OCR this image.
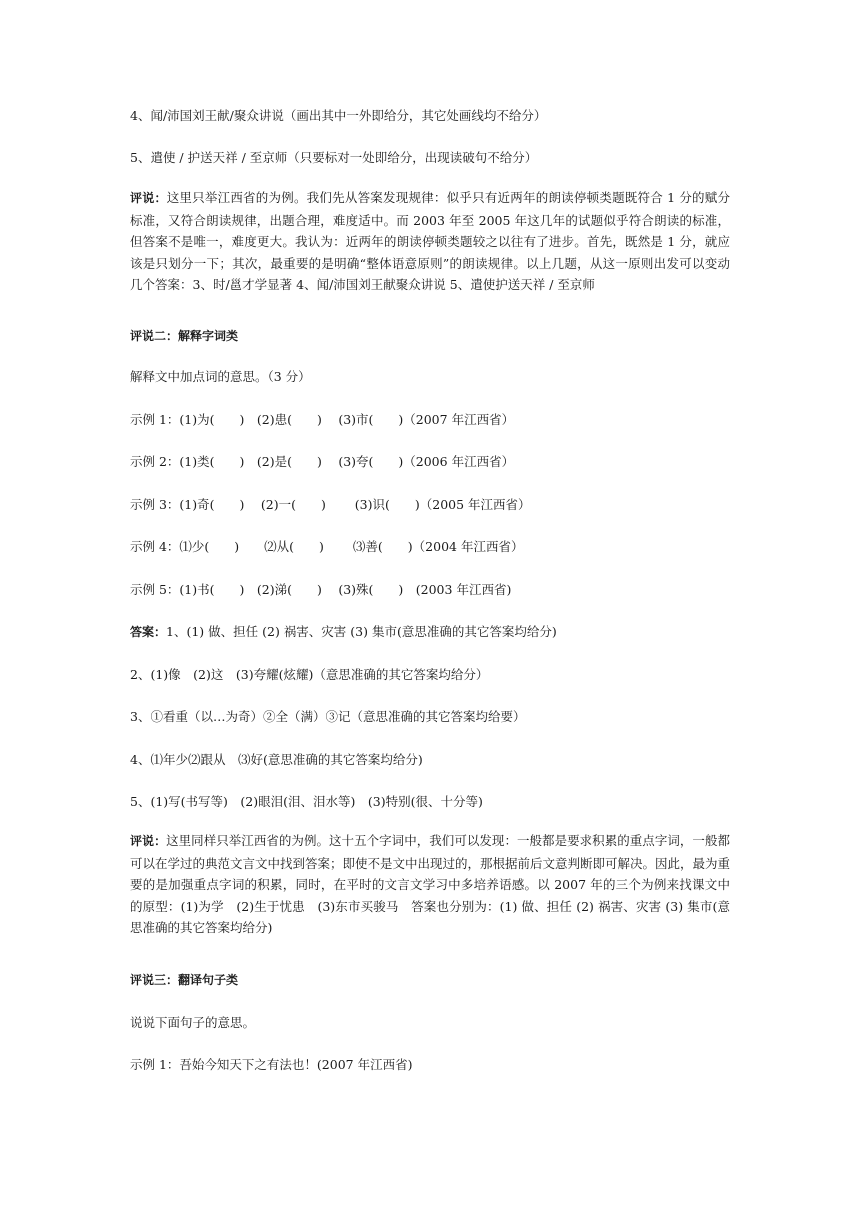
4、闻/沛国刘王献/聚众讲说（画出其中一外即给分，其它处画线均不给分）
5、遣使 / 护送天祥 / 至京师（只要标对一处即给分，出现读破句不给分）
评说：这里只举江西省的为例。我们先从答案发现规律：似乎只有近两年的朗读停顿类题既符合 1 分的赋分标准，又符合朗读规律，出题合理，难度适中。而 2003 年至 2005 年这几年的试题似乎符合朗读的标准，但答案不是唯一，难度更大。我认为：近两年的朗读停顿类题较之以往有了进步。首先，既然是 1 分，就应该是只划分一下；其次，最重要的是明确“整体语意原则”的朗读规律。以上几题，从这一原则出发可以变动几个答案：3、时/邕才学显著 4、闻/沛国刘王献聚众讲说 5、遣使护送天祥 / 至京师
评说二：解释字词类
解释文中加点词的意思。（3 分）
示例 1：(1)为(　　)　(2)患(　　)　 (3)市(　　)（2007 年江西省）
示例 2：(1)类(　　)　(2)是(　　)　 (3)夸(　　)（2006 年江西省）
示例 3：(1)奇(　　)　 (2)一(　　)　　 (3)识(　　)（2005 年江西省）
示例 4：⑴少(　　)　　⑵从(　　)　　 ⑶善(　　)（2004 年江西省）
示例 5：(1)书(　　)　(2)涕(　　)　 (3)殊(　　)　(2003 年江西省)
答案：1、(1) 做、担任 (2) 祸害、灾害 (3) 集市(意思准确的其它答案均给分)
2、(1)像　(2)这　(3)夸耀(炫耀)（意思准确的其它答案均给分）
3、①看重（以…为奇）②全（满）③记（意思准确的其它答案均给要）
4、⑴年少⑵跟从　⑶好(意思准确的其它答案均给分)
5、(1)写(书写等)　(2)眼泪(泪、泪水等)　(3)特别(很、十分等)
评说：这里同样只举江西省的为例。这十五个字词中，我们可以发现：一般都是要求积累的重点字词，一般都可以在学过的典范文言文中找到答案；即使不是文中出现过的，那根据前后文意判断即可解决。因此，最为重要的是加强重点字词的积累，同时，在平时的文言文学习中多培养语感。以 2007 年的三个为例来找课文中的原型：(1)为学　(2)生于忧患　(3)东市买骏马　答案也分别为：(1) 做、担任 (2) 祸害、灾害 (3) 集市(意思准确的其它答案均给分)
评说三：翻译句子类
说说下面句子的意思。
示例 1：吾始今知天下之有法也！(2007 年江西省)
